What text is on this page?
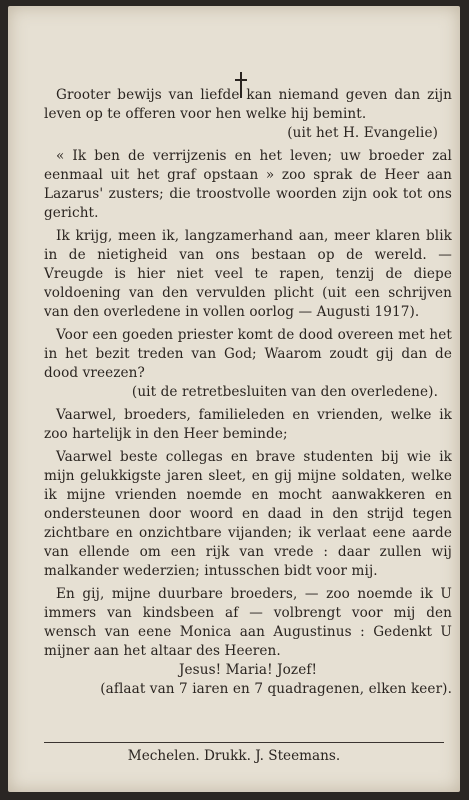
Grooter bewijs van liefde kan niemand geven dan zijn leven op te offeren voor hen welke hij bemint.

(uit het H. Evangelie)

« Ik ben de verrijzenis en het leven; uw broeder zal eenmaal uit het graf opstaan » zoo sprak de Heer aan Lazarus' zusters; die troostvolle woorden zijn ook tot ons gericht.

Ik krijg, meen ik, langzamerhand aan, meer klaren blik in de nietigheid van ons bestaan op de wereld. — Vreugde is hier niet veel te rapen, tenzij de diepe voldoening van den vervulden plicht (uit een schrijven van den overledene in vollen oorlog — Augusti 1917).

Voor een goeden priester komt de dood overeen met het in het bezit treden van God; Waarom zoudt gij dan de dood vreezen?

(uit de retretbesluiten van den overledene).

Vaarwel, broeders, familieleden en vrienden, welke ik zoo hartelijk in den Heer beminde;

Vaarwel beste collegas en brave studenten bij wie ik mijn gelukkigste jaren sleet, en gij mijne soldaten, welke ik mijne vrienden noemde en mocht aanwakkeren en ondersteunen door woord en daad in den strijd tegen zichtbare en onzichtbare vijanden; ik verlaat eene aarde van ellende om een rijk van vrede : daar zullen wij malkander wederzien; intusschen bidt voor mij.

En gij, mijne duurbare broeders, — zoo noemde ik U immers van kindsbeen af — volbrengt voor mij den wensch van eene Monica aan Augustinus : Gedenkt U mijner aan het altaar des Heeren.

Jesus! Maria! Jozef!

(aflaat van 7 iaren en 7 quadragenen, elken keer).

Mechelen. Drukk. J. Steemans.
